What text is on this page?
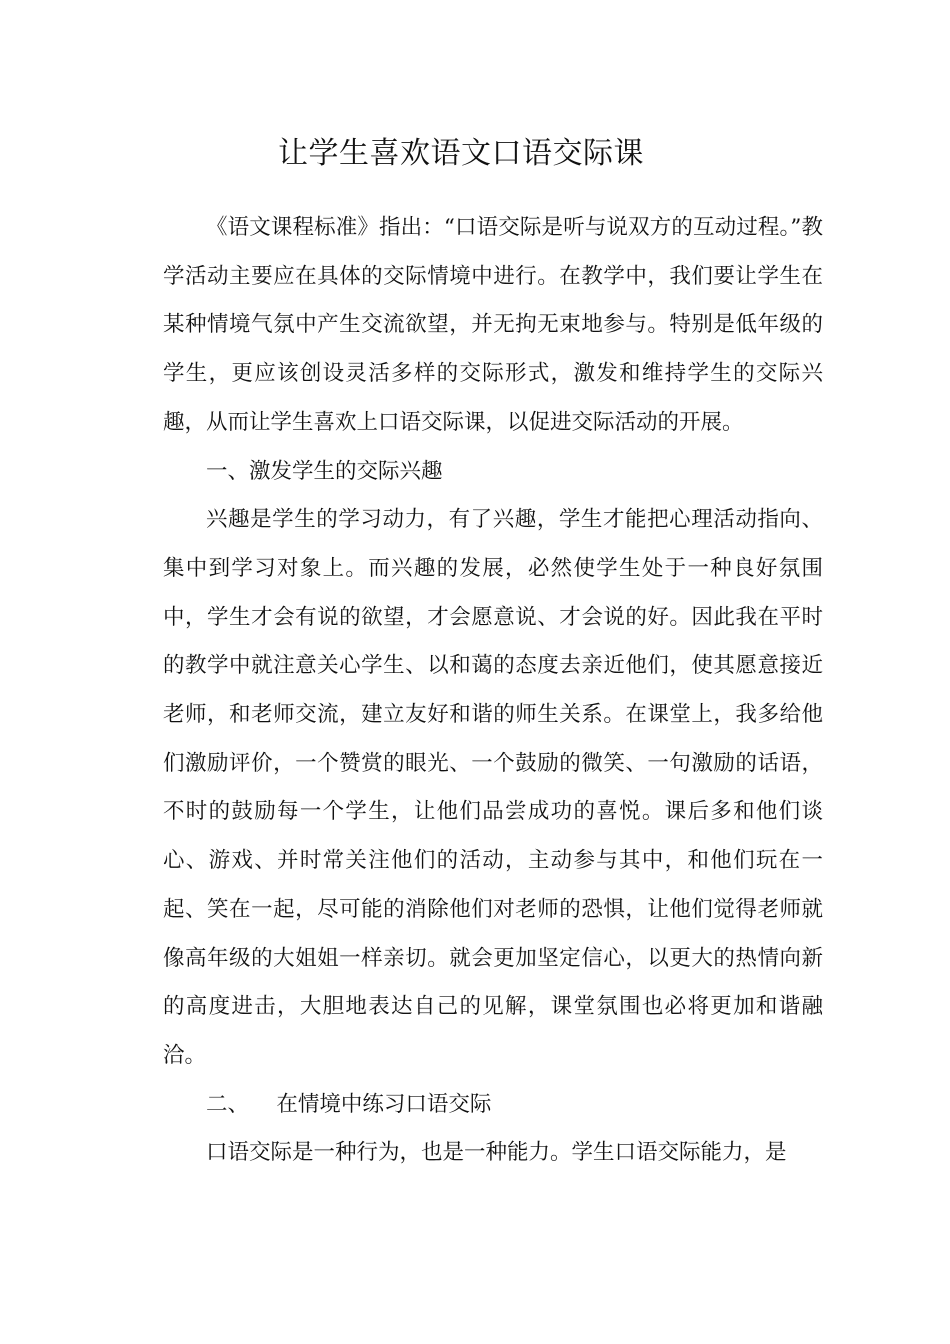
让学生喜欢语文口语交际课

《语文课程标准》指出：“口语交际是听与说双方的互动过程。”教学活动主要应在具体的交际情境中进行。在教学中，我们要让学生在某种情境气氛中产生交流欲望，并无拘无束地参与。特别是低年级的学生，更应该创设灵活多样的交际形式，激发和维持学生的交际兴趣，从而让学生喜欢上口语交际课，以促进交际活动的开展。

一、激发学生的交际兴趣

兴趣是学生的学习动力，有了兴趣，学生才能把心理活动指向、集中到学习对象上。而兴趣的发展，必然使学生处于一种良好氛围中，学生才会有说的欲望，才会愿意说、才会说的好。因此我在平时的教学中就注意关心学生、以和蔼的态度去亲近他们，使其愿意接近老师，和老师交流，建立友好和谐的师生关系。在课堂上，我多给他们激励评价，一个赞赏的眼光、一个鼓励的微笑、一句激励的话语，不时的鼓励每一个学生，让他们品尝成功的喜悦。课后多和他们谈心、游戏、并时常关注他们的活动，主动参与其中，和他们玩在一起、笑在一起，尽可能的消除他们对老师的恐惧，让他们觉得老师就像高年级的大姐姐一样亲切。就会更加坚定信心，以更大的热情向新的高度进击，大胆地表达自己的见解，课堂氛围也必将更加和谐融洽。

二、    在情境中练习口语交际

口语交际是一种行为，也是一种能力。学生口语交际能力，是
